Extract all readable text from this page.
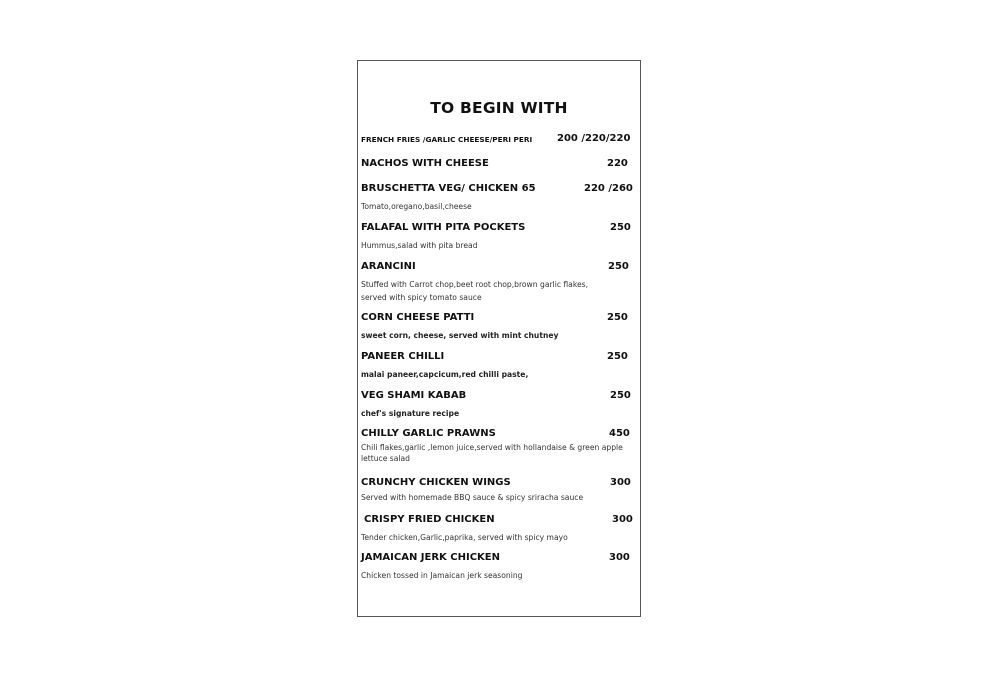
TO BEGIN WITH
FRENCH FRIES /GARLIC CHEESE/PERI PERI 200 /220/220
NACHOS WITH CHEESE	220
BRUSCHETTA VEG/ CHICKEN 65	220 /260
Tomato,oregano,basil,cheese
FALAFAL WITH PITA POCKETS	250
Hummus,salad with pita bread
ARANCINI	250
Stuffed with Carrot chop,beet root chop,brown garlic flakes,
served with spicy tomato sauce
CORN CHEESE PATTI	250
sweet corn, cheese, served with mint chutney
PANEER CHILLI	250
malai paneer,capcicum,red chilli paste,
VEG SHAMI KABAB	250
chef's signature recipe
CHILLY GARLIC PRAWNS	450
Chili flakes,garlic ,lemon juice,served with hollandaise & green apple
lettuce salad
CRUNCHY CHICKEN WINGS	300
Served with homemade BBQ sauce & spicy sriracha sauce
CRISPY FRIED CHICKEN	300
Tender chicken,Garlic,paprika, served with spicy mayo
JAMAICAN JERK CHICKEN	300
Chicken tossed in Jamaican jerk seasoning
